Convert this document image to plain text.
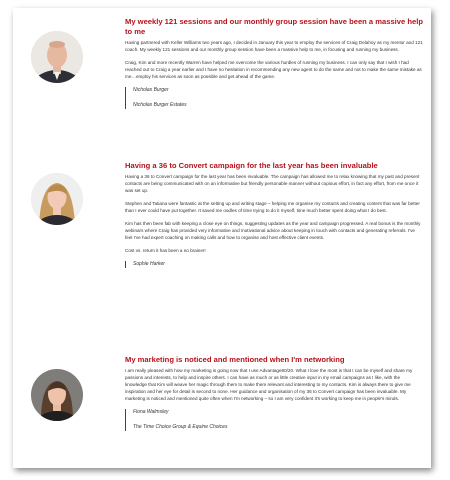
My weekly 121 sessions and our monthly group session have been a massive help to me

Having partnered with Keller Williams two years ago, I decided in January this year to employ the services of Craig Delahoy as my mentor and 121 coach. My weekly 121 sessions and our monthly group session have been a massive help to me, in focusing and running my business.

Craig, Kim and more recently Warren have helped me overcome the various hurdles of running my business. I can only say that I wish I had reached out to Craig a year earlier and I have no hesitation in recommending any new agent to do the same and not to make the same mistake as me…employ his services as soon as possible and get ahead of the game.

Nicholas Burger

Nicholas Burger Estates

Having a 36 to Convert campaign for the last year has been invaluable

Having a 36 to Convert campaign for the last year has been invaluable. The campaign has allowed me to relax knowing that my past and present contacts are being communicated with on an informative but friendly personable manner without copious effort, in fact any effort, from me once it was set up.

Stephen and Tatiana were fantastic at the setting up and writing stage – helping me organise my contacts and creating content that was far better than I ever could have put together. It saved me oodles of time trying to do it myself, time much better spent doing what I do best.

Kim has then been fab with keeping a close eye on things, suggesting updates as the year and campaign progressed. A real bonus is the monthly webinars where Craig has provided very informative and motivational advice about keeping in touch with contacts and generating referrals. I've feel I've had expert coaching on making calls and how to organise and host effective client events.

Cost vs. return it has been a no brainer!

Sophie Harker

My marketing is noticed and mentioned when I'm networking

I am really pleased with how my marketing is going now that I use Advantage80/20. What I love the most is that I can be myself and share my passions and interests, to help and inspire others. I can have as much or as little creative input in my email campaigns as I like, with the knowledge that Kim will weave her magic through them to make them relevant and interesting to my contacts. Kim is always there to give me inspiration and her eye for detail is second to none. Her guidance and organisation of my 36 to Convert campaign has been invaluable. My marketing is noticed and mentioned quite often when I'm networking – so I am very confident it's working to keep me in people's minds.

Fiona Walmsley

The Time Choice Group & Equine Choices
